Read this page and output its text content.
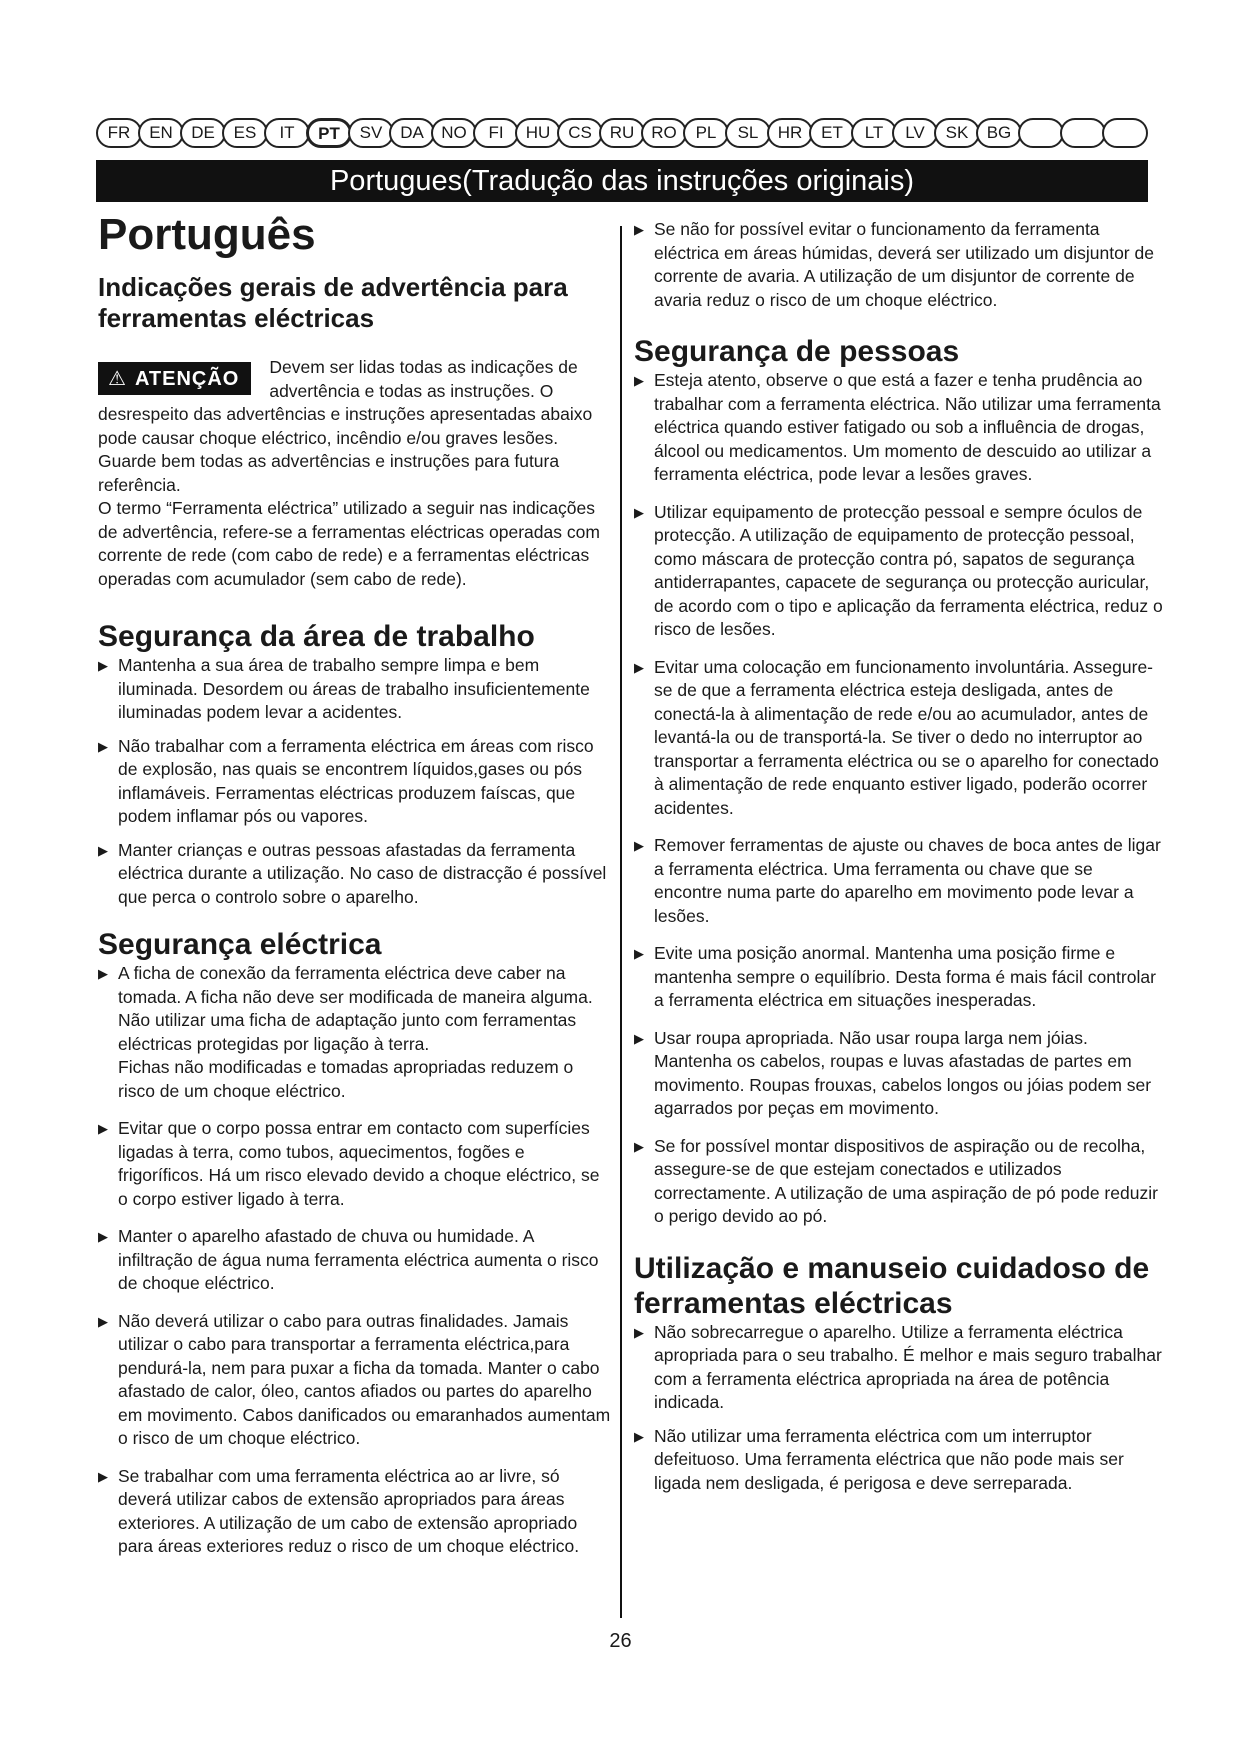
FR	EN	DE	ES	IT	PT	SV	DA	NO	FI	HU	CS	RU RO	PL	SL	HR	ET	LT	LV	SK	BG
Portugues(Tradução das instruções originais)
Português
Indicações gerais de advertência para ferramentas eléctricas
⚠ ATENÇÃO

Devem ser lidas todas as indicações de advertência e todas as instruções. O desrespeito das advertências e instruções apresentadas abaixo pode causar choque eléctrico, incêndio e/ou graves lesões.

Guarde bem todas as advertências e instruções para futura referência.

O termo “Ferramenta eléctrica” utilizado a seguir nas indicações de advertência, refere-se a ferramentas eléctricas operadas com corrente de rede (com cabo de rede) e a ferramentas eléctricas operadas com acumulador (sem cabo de rede).

Segurança da área de trabalho
▶ Mantenha a sua área de trabalho sempre limpa e bem iluminada. Desordem ou áreas de trabalho insuficientemente iluminadas podem levar a acidentes.
▶ Não trabalhar com a ferramenta eléctrica em áreas com risco de explosão, nas quais se encontrem líquidos,gases ou pós inflamáveis. Ferramentas eléctricas produzem faíscas, que podem inflamar pós ou vapores.
▶ Manter crianças e outras pessoas afastadas da ferramenta eléctrica durante a utilização. No caso de distracção é possível que perca o controlo sobre o aparelho.
Segurança eléctrica
▶ A ficha de conexão da ferramenta eléctrica deve caber na tomada. A ficha não deve ser modificada de maneira alguma. Não utilizar uma ficha de adaptação junto com ferramentas eléctricas protegidas por ligação à terra.
Fichas não modificadas e tomadas apropriadas reduzem o risco de um choque eléctrico.
▶ Evitar que o corpo possa entrar em contacto com superfícies ligadas à terra, como tubos, aquecimentos, fogões e frigoríficos. Há um risco elevado devido a choque eléctrico, se o corpo estiver ligado à terra.
▶ Manter o aparelho afastado de chuva ou humidade. A infiltração de água numa ferramenta eléctrica aumenta o risco de choque eléctrico.
▶ Não deverá utilizar o cabo para outras finalidades. Jamais utilizar o cabo para transportar a ferramenta eléctrica,para pendurá-la, nem para puxar a ficha da tomada. Manter o cabo afastado de calor, óleo, cantos afiados ou partes do aparelho em movimento. Cabos danificados ou emaranhados aumentam o risco de um choque eléctrico.
▶ Se trabalhar com uma ferramenta eléctrica ao ar livre, só deverá utilizar cabos de extensão apropriados para áreas exteriores. A utilização de um cabo de extensão apropriado para áreas exteriores reduz o risco de um choque eléctrico.
▶ Se não for possível evitar o funcionamento da ferramenta eléctrica em áreas húmidas, deverá ser utilizado um disjuntor de corrente de avaria. A utilização de um disjuntor de corrente de avaria reduz o risco de um choque eléctrico.
Segurança de pessoas
▶ Esteja atento, observe o que está a fazer e tenha prudência ao trabalhar com a ferramenta eléctrica. Não utilizar uma ferramenta eléctrica quando estiver fatigado ou sob a influência de drogas, álcool ou medicamentos. Um momento de descuido ao utilizar a ferramenta eléctrica, pode levar a lesões graves.
▶ Utilizar equipamento de protecção pessoal e sempre óculos de protecção. A utilização de equipamento de protecção pessoal, como máscara de protecção contra pó, sapatos de segurança antiderrapantes, capacete de segurança ou protecção auricular, de acordo com o tipo e aplicação da ferramenta eléctrica, reduz o risco de lesões.
▶ Evitar uma colocação em funcionamento involuntária. Assegure-se de que a ferramenta eléctrica esteja desligada, antes de conectá-la à alimentação de rede e/ou ao acumulador, antes de levantá-la ou de transportá-la. Se tiver o dedo no interruptor ao transportar a ferramenta eléctrica ou se o aparelho for conectado à alimentação de rede enquanto estiver ligado, poderão ocorrer acidentes.
▶ Remover ferramentas de ajuste ou chaves de boca antes de ligar a ferramenta eléctrica. Uma ferramenta ou chave que se encontre numa parte do aparelho em movimento pode levar a lesões.
▶ Evite uma posição anormal. Mantenha uma posição firme e mantenha sempre o equilíbrio. Desta forma é mais fácil controlar a ferramenta eléctrica em situações inesperadas.
▶ Usar roupa apropriada. Não usar roupa larga nem jóias. Mantenha os cabelos, roupas e luvas afastadas de partes em movimento. Roupas frouxas, cabelos longos ou jóias podem ser agarrados por peças em movimento.
▶ Se for possível montar dispositivos de aspiração ou de recolha, assegure-se de que estejam conectados e utilizados correctamente. A utilização de uma aspiração de pó pode reduzir o perigo devido ao pó.
Utilização e manuseio cuidadoso de ferramentas eléctricas
▶ Não sobrecarregue o aparelho. Utilize a ferramenta eléctrica apropriada para o seu trabalho. É melhor e mais seguro trabalhar com a ferramenta eléctrica apropriada na área de potência indicada.
▶ Não utilizar uma ferramenta eléctrica com um interruptor defeituoso. Uma ferramenta eléctrica que não pode mais ser ligada nem desligada, é perigosa e deve serreparada.
26
